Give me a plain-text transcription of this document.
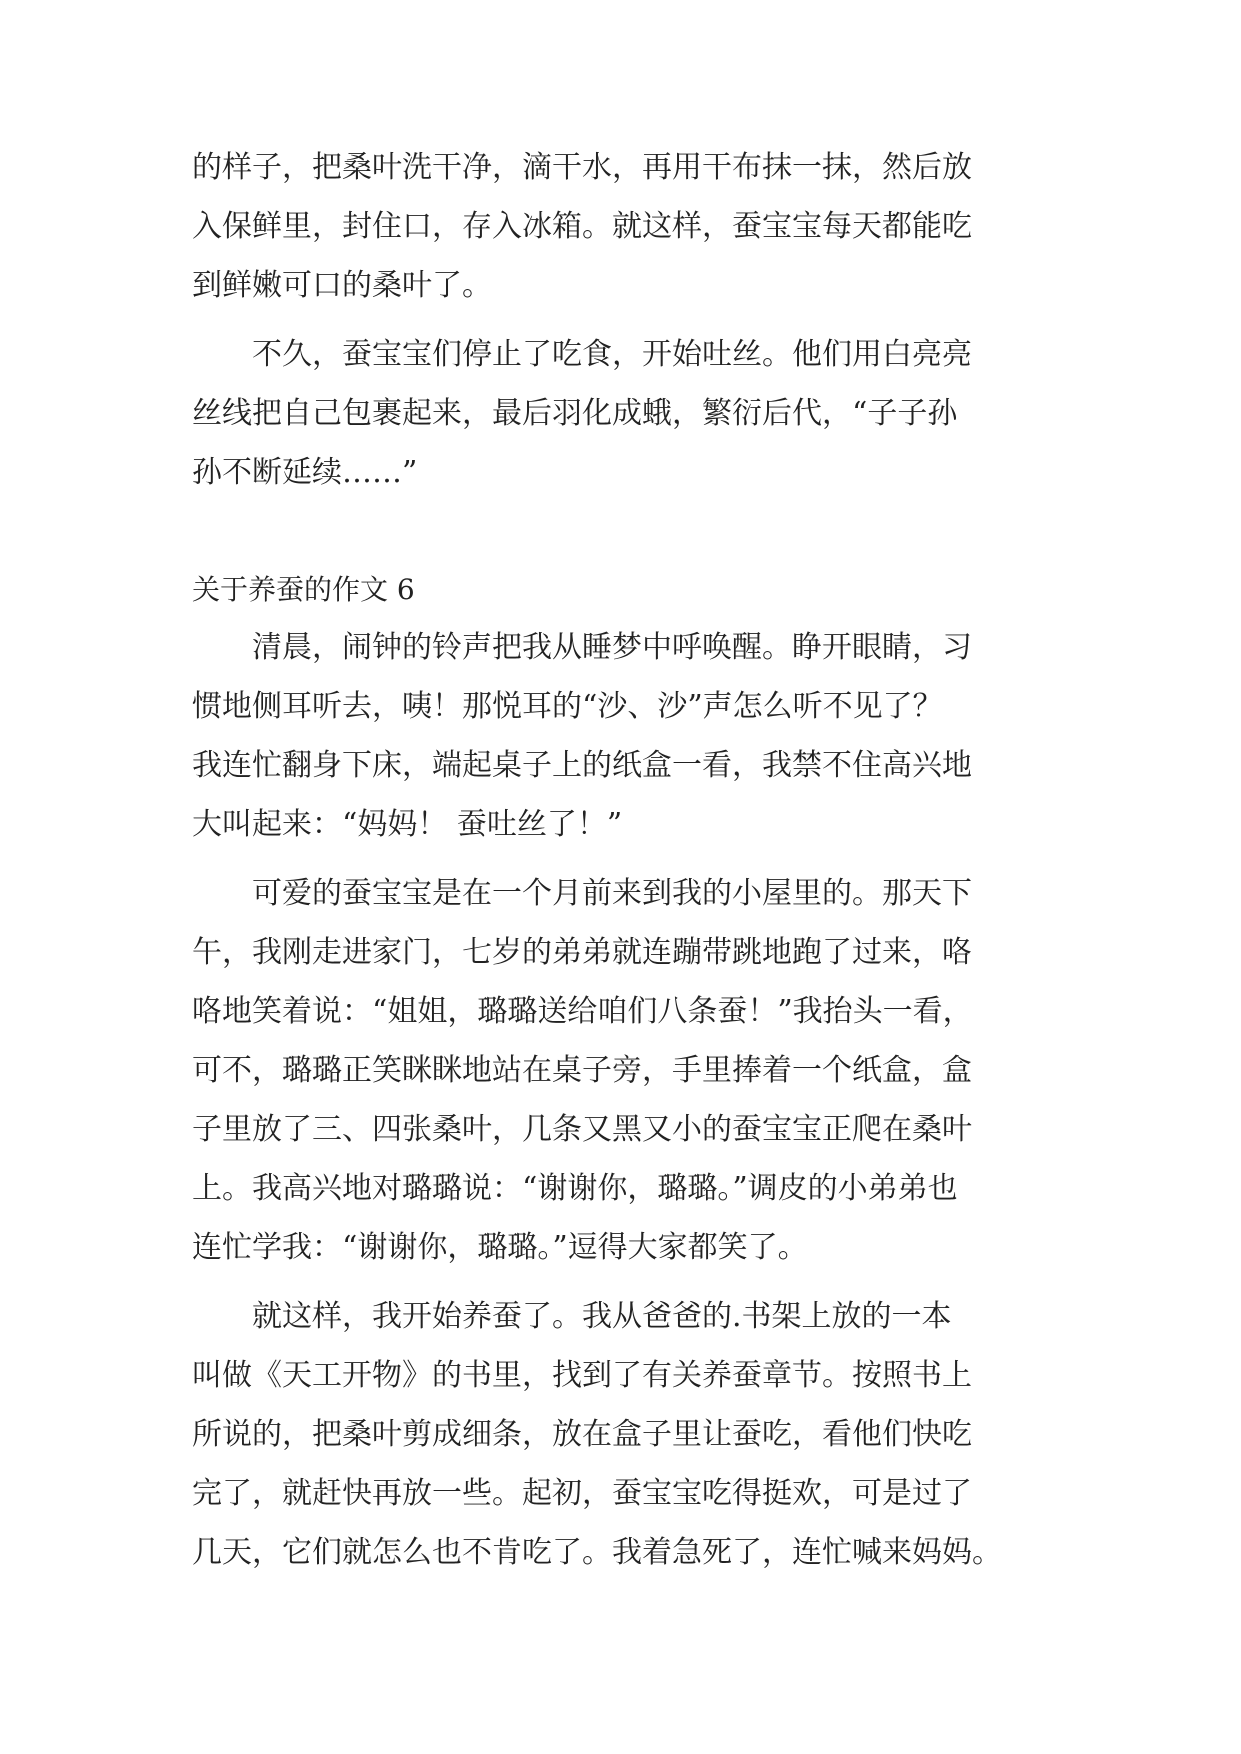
的样子，把桑叶洗干净，滴干水，再用干布抹一抹，然后放
入保鲜里，封住口，存入冰箱。就这样，蚕宝宝每天都能吃
到鲜嫩可口的桑叶了。
不久，蚕宝宝们停止了吃食，开始吐丝。他们用白亮亮
丝线把自己包裹起来，最后羽化成蛾，繁衍后代，“子子孙
孙不断延续……”
关于养蚕的作文 6
清晨，闹钟的铃声把我从睡梦中呼唤醒。睁开眼睛，习
惯地侧耳听去，咦！那悦耳的“沙、沙”声怎么听不见了？
我连忙翻身下床，端起桌子上的纸盒一看，我禁不住高兴地
大叫起来：“妈妈！ 蚕吐丝了！”
可爱的蚕宝宝是在一个月前来到我的小屋里的。那天下
午，我刚走进家门，七岁的弟弟就连蹦带跳地跑了过来，咯
咯地笑着说：“姐姐，璐璐送给咱们八条蚕！”我抬头一看，
可不，璐璐正笑眯眯地站在桌子旁，手里捧着一个纸盒，盒
子里放了三、四张桑叶，几条又黑又小的蚕宝宝正爬在桑叶
上。我高兴地对璐璐说：“谢谢你，璐璐。”调皮的小弟弟也
连忙学我：“谢谢你，璐璐。”逗得大家都笑了。
就这样，我开始养蚕了。我从爸爸的.书架上放的一本
叫做《天工开物》的书里，找到了有关养蚕章节。按照书上
所说的，把桑叶剪成细条，放在盒子里让蚕吃，看他们快吃
完了，就赶快再放一些。起初，蚕宝宝吃得挺欢，可是过了
几天，它们就怎么也不肯吃了。我着急死了，连忙喊来妈妈。
